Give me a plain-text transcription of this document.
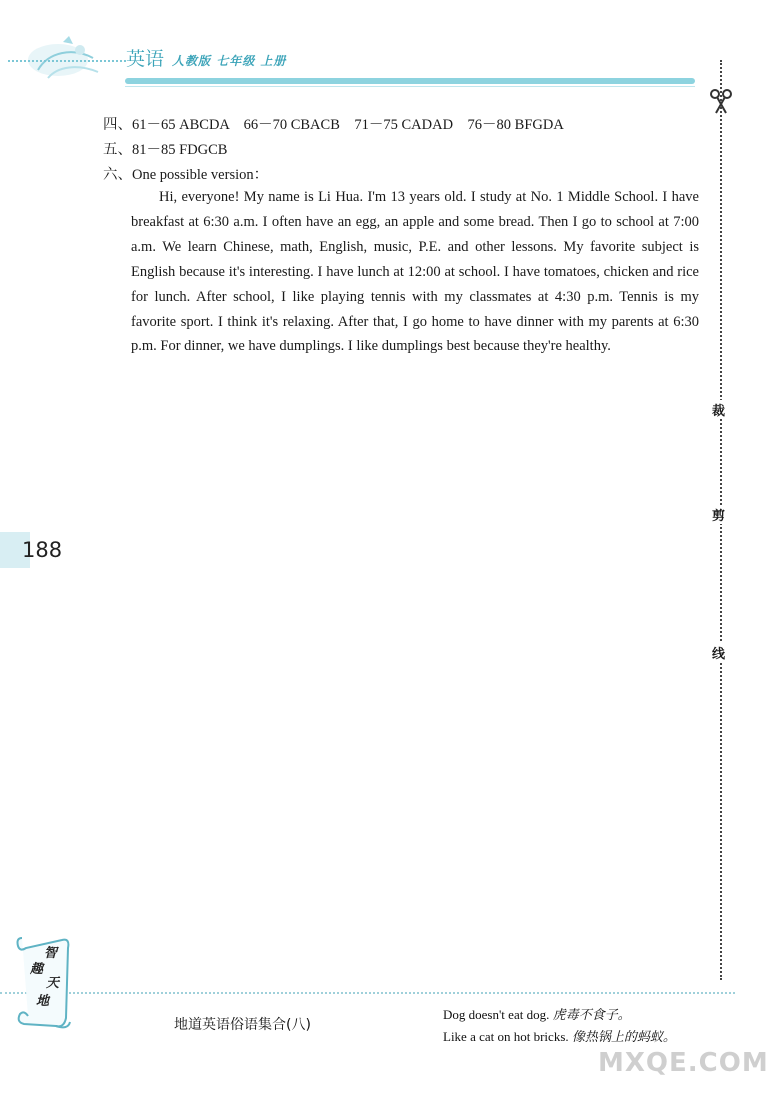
英语 人教版 七年级 上册
裁
剪
线
四、61－65 ABCDA　66－70 CBACB　71－75 CADAD　76－80 BFGDA
五、81－85 FDGCB
六、One possible version：
Hi, everyone! My name is Li Hua. I'm 13 years old. I study at No. 1 Middle School. I have breakfast at 6:30 a.m. I often have an egg, an apple and some bread. Then I go to school at 7:00 a.m. We learn Chinese, math, English, music, P.E. and other lessons. My favorite subject is English because it's interesting. I have lunch at 12:00 at school. I have tomatoes, chicken and rice for lunch. After school, I like playing tennis with my classmates at 4:30 p.m. Tennis is my favorite sport. I think it's relaxing. After that, I go home to have dinner with my parents at 6:30 p.m. For dinner, we have dumplings. I like dumplings best because they're healthy.
188
智
趣
天
地
地道英语俗语集合(八)
Dog doesn't eat dog. 虎毒不食子。
Like a cat on hot bricks. 像热锅上的蚂蚁。
MXQE.COM
